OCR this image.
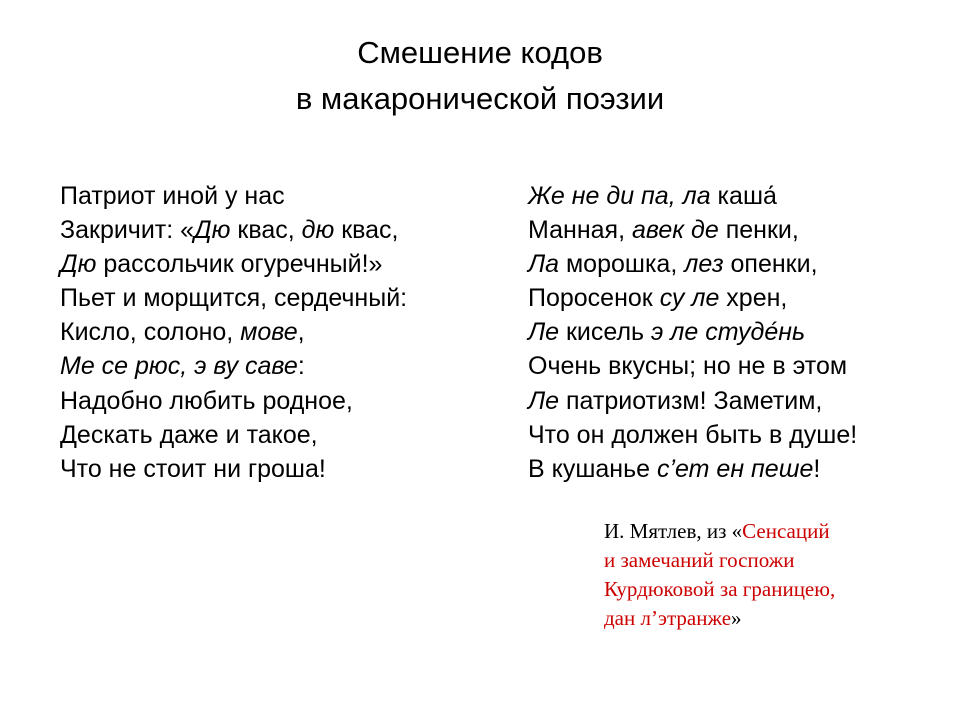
Смешение кодов
в макаронической поэзии
Патриот иной у нас
Закричит: «Дю квас, дю квас,
Дю рассольчик огуречный!»
Пьет и морщится, сердечный:
Кисло, солоно, мове,
Ме се рюс, э ву саве:
Надобно любить родное,
Дескать даже и такое,
Что не стоит ни гроша!
Же не ди па, ла каша́
Манная, авек де пенки,
Ла морошка, лез опенки,
Поросенок су ле хрен,
Ле кисель э ле студе́нь
Очень вкусны; но не в этом
Ле патриотизм! Заметим,
Что он должен быть в душе!
В кушанье с’ет ен пеше!
И. Мятлев, из «Сенсаций
и замечаний госпожи
Курдюковой за границею,
дан л’этранже»
